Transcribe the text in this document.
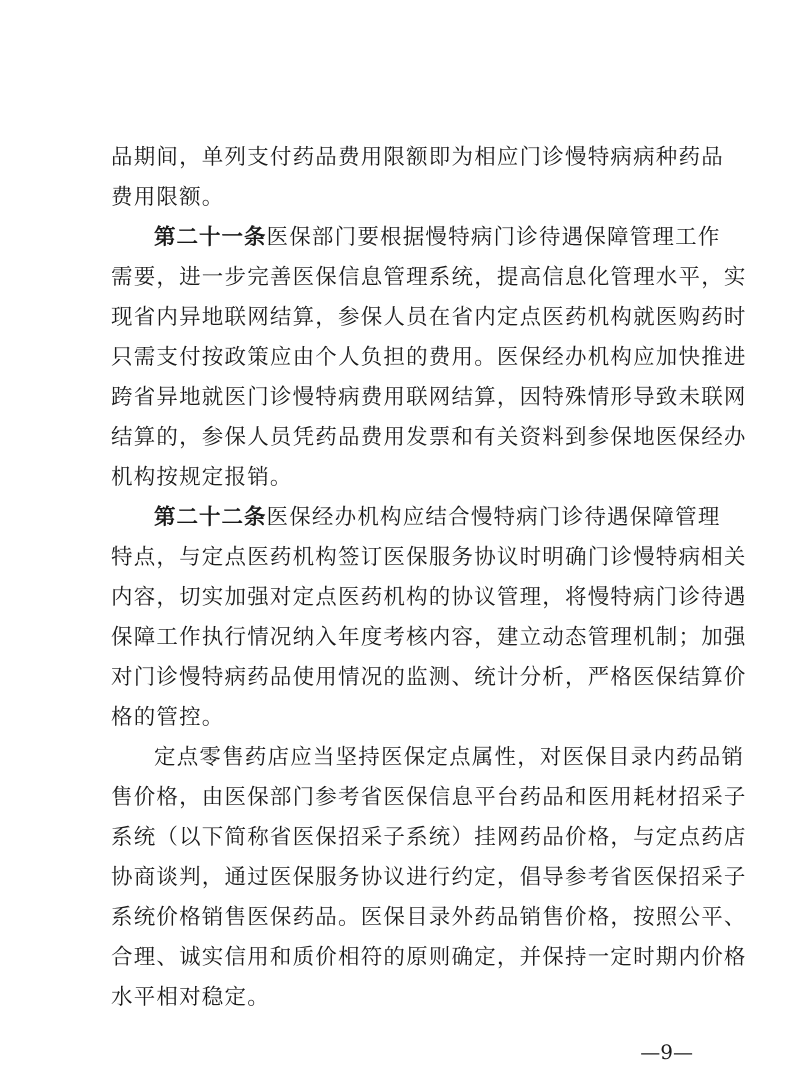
品期间，单列支付药品费用限额即为相应门诊慢特病病种药品
费用限额。
第二十一条医保部门要根据慢特病门诊待遇保障管理工作
需要，进一步完善医保信息管理系统，提高信息化管理水平，实
现省内异地联网结算，参保人员在省内定点医药机构就医购药时
只需支付按政策应由个人负担的费用。医保经办机构应加快推进
跨省异地就医门诊慢特病费用联网结算，因特殊情形导致未联网
结算的，参保人员凭药品费用发票和有关资料到参保地医保经办
机构按规定报销。
第二十二条医保经办机构应结合慢特病门诊待遇保障管理
特点，与定点医药机构签订医保服务协议时明确门诊慢特病相关
内容，切实加强对定点医药机构的协议管理，将慢特病门诊待遇
保障工作执行情况纳入年度考核内容，建立动态管理机制；加强
对门诊慢特病药品使用情况的监测、统计分析，严格医保结算价
格的管控。
定点零售药店应当坚持医保定点属性，对医保目录内药品销
售价格，由医保部门参考省医保信息平台药品和医用耗材招采子
系统（以下简称省医保招采子系统）挂网药品价格，与定点药店
协商谈判，通过医保服务协议进行约定，倡导参考省医保招采子
系统价格销售医保药品。医保目录外药品销售价格，按照公平、
合理、诚实信用和质价相符的原则确定，并保持一定时期内价格
水平相对稳定。
—9—
